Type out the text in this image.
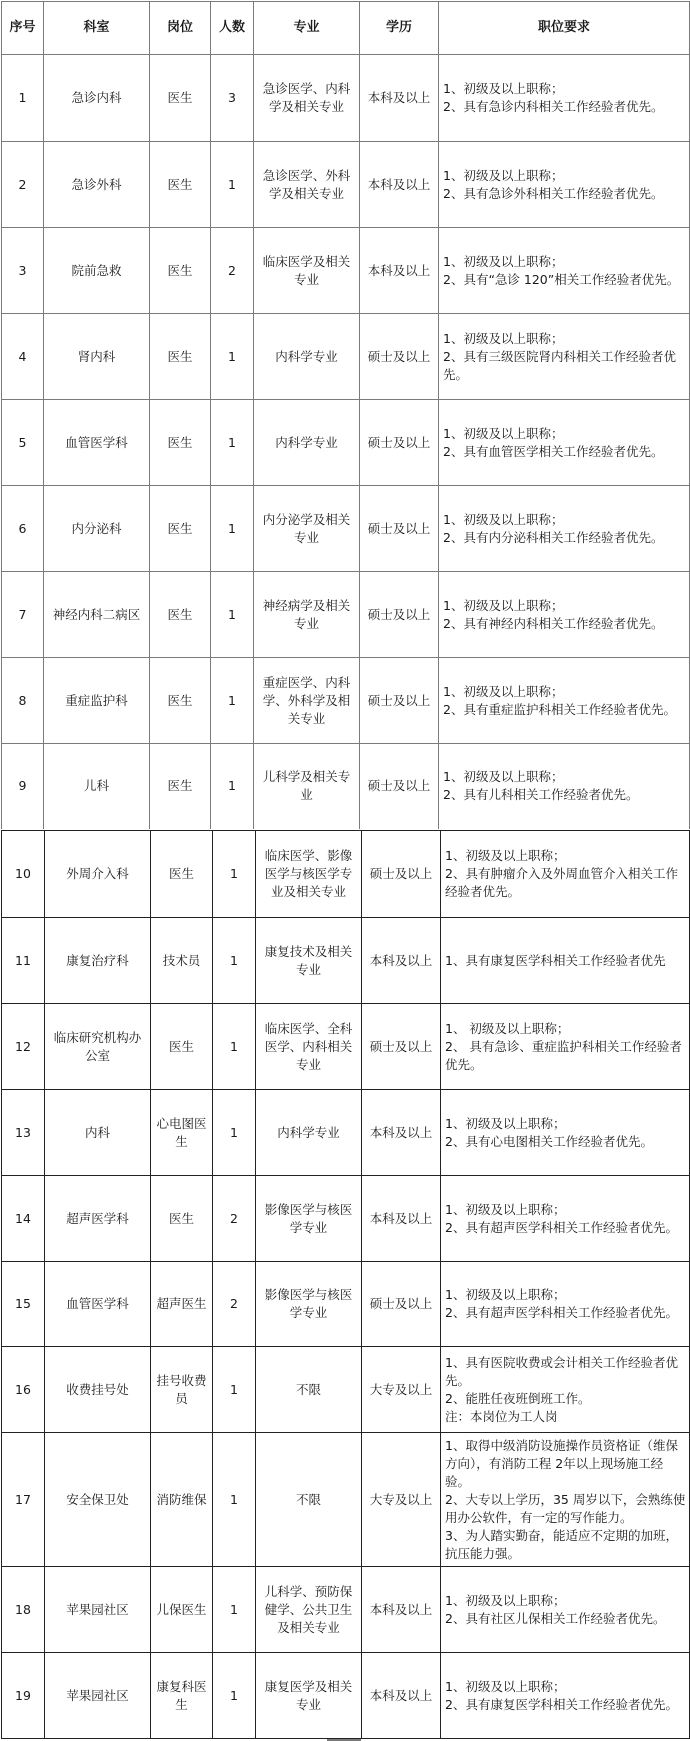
序号	科室	岗位	人数	专业	学历	职位要求
1	急诊内科	医生	3	急诊医学、内科学及相关专业	本科及以上	1、初级及以上职称；
2、具有急诊内科相关工作经验者优先。

2	急诊外科	医生	1	急诊医学、外科学及相关专业	本科及以上	1、初级及以上职称；
2、具有急诊外科相关工作经验者优先。

3	院前急救	医生	2	临床医学及相关专业	本科及以上	1、初级及以上职称；
2、具有“急诊 120”相关工作经验者优先。

4	肾内科	医生	1	内科学专业	硕士及以上	1、初级及以上职称；
2、具有三级医院肾内科相关工作经验者优先。

5	血管医学科	医生	1	内科学专业	硕士及以上	1、初级及以上职称；
2、具有血管医学相关工作经验者优先。

6	内分泌科	医生	1	内分泌学及相关专业	硕士及以上	1、初级及以上职称；
2、具有内分泌科相关工作经验者优先。

7	神经内科二病区	医生	1	神经病学及相关专业	硕士及以上	1、初级及以上职称；
2、具有神经内科相关工作经验者优先。

8	重症监护科	医生	1	重症医学、内科学、外科学及相关专业	硕士及以上	1、初级及以上职称；
2、具有重症监护科相关工作经验者优先。

9	儿科	医生	1	儿科学及相关专业	硕士及以上	1、初级及以上职称；
2、具有儿科相关工作经验者优先。
10	外周介入科	医生	1	临床医学、影像医学与核医学专业及相关专业	硕士及以上	1、初级及以上职称；
2、具有肿瘤介入及外周血管介入相关工作经验者优先。

11	康复治疗科	技术员	1	康复技术及相关专业	本科及以上	1、具有康复医学科相关工作经验者优先

12	临床研究机构办公室	医生	1	临床医学、全科医学、内科相关专业	硕士及以上	1、 初级及以上职称；
2、 具有急诊、重症监护科相关工作经验者优先。

13	内科	心电图医生	1	内科学专业	本科及以上	1、初级及以上职称；
2、具有心电图相关工作经验者优先。

14	超声医学科	医生	2	影像医学与核医学专业	本科及以上	1、初级及以上职称；
2、具有超声医学科相关工作经验者优先。

15	血管医学科	超声医生	2	影像医学与核医学专业	硕士及以上	1、初级及以上职称；
2、具有超声医学科相关工作经验者优先。

16	收费挂号处	挂号收费员	1	不限	大专及以上	1、具有医院收费或会计相关工作经验者优先。
2、能胜任夜班倒班工作。
注：本岗位为工人岗

17	安全保卫处	消防维保	1	不限	大专及以上	1、取得中级消防设施操作员资格证（维保方向），有消防工程 2年以上现场施工经验。
2、大专以上学历，35 周岁以下，会熟练使用办公软件，有一定的写作能力。
3、为人踏实勤奋，能适应不定期的加班，抗压能力强。

18	苹果园社区	儿保医生	1	儿科学、预防保健学、公共卫生及相关专业	本科及以上	1、初级及以上职称；
2、具有社区儿保相关工作经验者优先。

19	苹果园社区	康复科医生	1	康复医学及相关专业	本科及以上	1、初级及以上职称；
2、具有康复医学科相关工作经验者优先。
